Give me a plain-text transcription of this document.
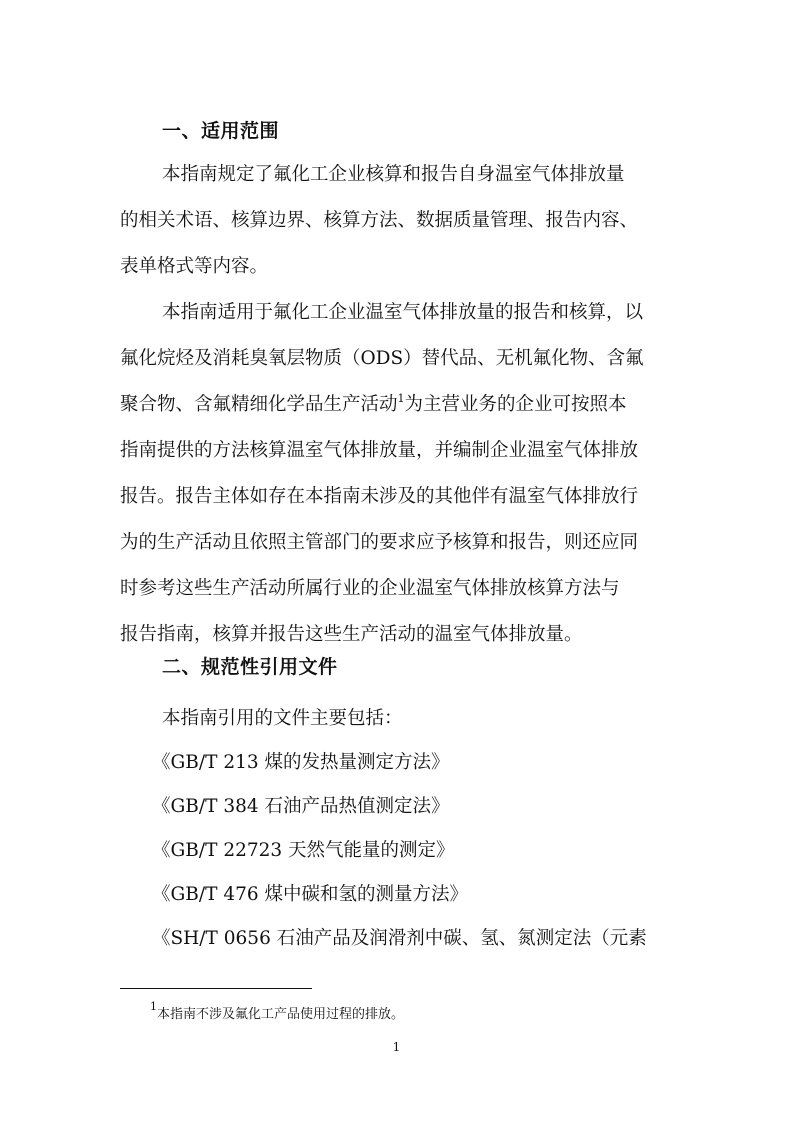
一、适用范围
本指南规定了氟化工企业核算和报告自身温室气体排放量
的相关术语、核算边界、核算方法、数据质量管理、报告内容、
表单格式等内容。
本指南适用于氟化工企业温室气体排放量的报告和核算，以
氟化烷烃及消耗臭氧层物质（ODS）替代品、无机氟化物、含氟
聚合物、含氟精细化学品生产活动$^1$为主营业务的企业可按照本
指南提供的方法核算温室气体排放量，并编制企业温室气体排放
报告。报告主体如存在本指南未涉及的其他伴有温室气体排放行
为的生产活动且依照主管部门的要求应予核算和报告，则还应同
时参考这些生产活动所属行业的企业温室气体排放核算方法与
报告指南，核算并报告这些生产活动的温室气体排放量。
二、规范性引用文件
本指南引用的文件主要包括：
《GB/T 213 煤的发热量测定方法》
《GB/T 384 石油产品热值测定法》
《GB/T 22723 天然气能量的测定》
《GB/T 476 煤中碳和氢的测量方法》
《SH/T 0656 石油产品及润滑剂中碳、氢、氮测定法（元素
$^1$本指南不涉及氟化工产品使用过程的排放。
1
